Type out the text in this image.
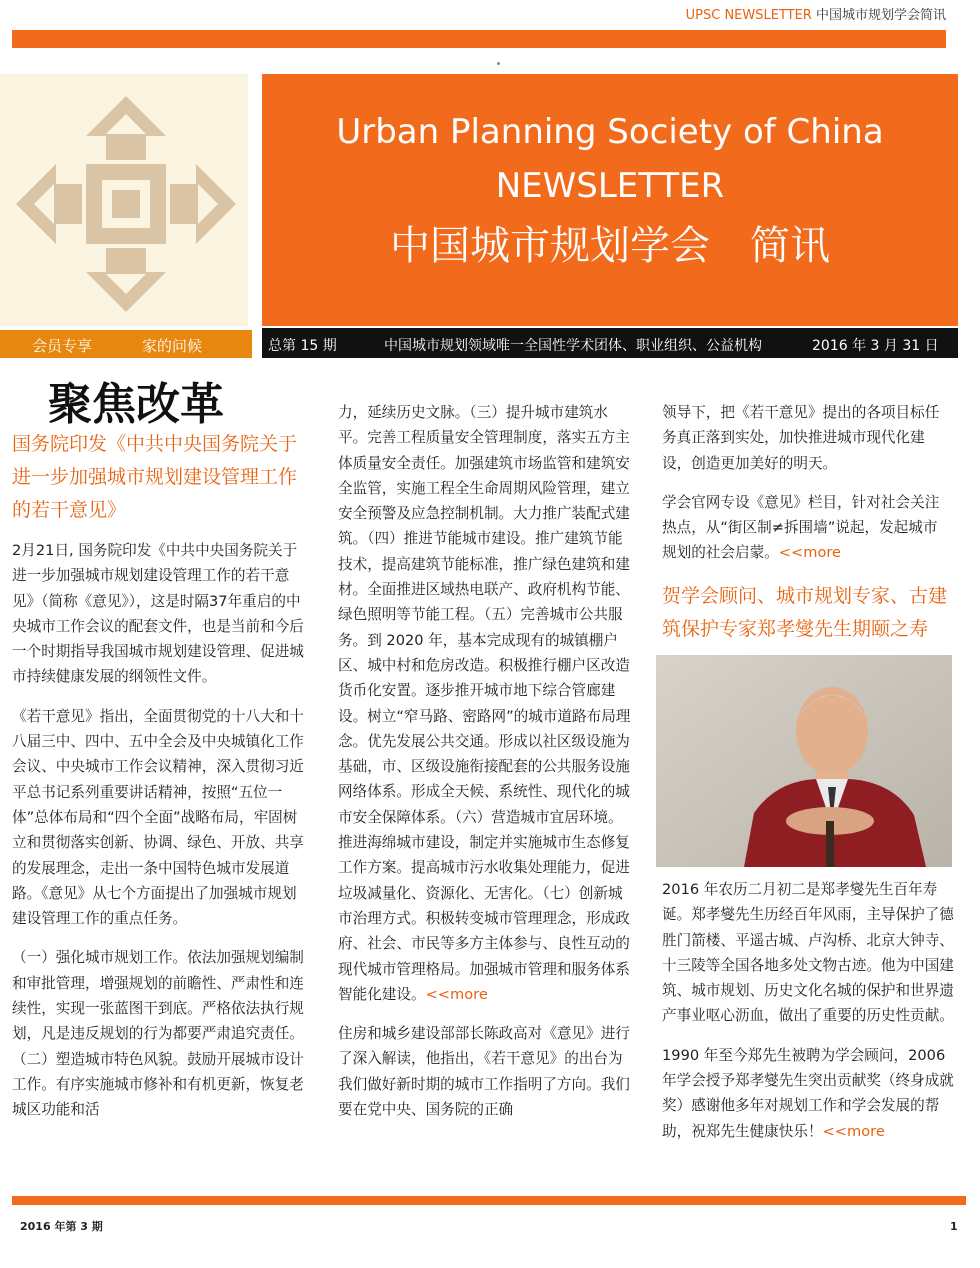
UPSC NEWSLETTER 中国城市规划学会简讯
Urban Planning Society of China
NEWSLETTER
中国城市规划学会　简讯
会员专享	家的问候	总第 15 期	中国城市规划领域唯一全国性学术团体、职业组织、公益机构	2016 年 3 月 31 日
聚焦改革
国务院印发《中共中央国务院关于
进一步加强城市规划建设管理工作
的若干意见》

2月21日, 国务院印发《中共中央国务院关于进一步加强城市规划建设管理工作的若干意见》（简称《意见》），这是时隔37年重启的中央城市工作会议的配套文件，也是当前和今后一个时期指导我国城市规划建设管理、促进城市持续健康发展的纲领性文件。

《若干意见》指出，全面贯彻党的十八大和十八届三中、四中、五中全会及中央城镇化工作会议、中央城市工作会议精神，深入贯彻习近平总书记系列重要讲话精神，按照“五位一体”总体布局和“四个全面”战略布局，牢固树立和贯彻落实创新、协调、绿色、开放、共享的发展理念，走出一条中国特色城市发展道路。《意见》从七个方面提出了加强城市规划建设管理工作的重点任务。

（一）强化城市规划工作。依法加强规划编制和审批管理，增强规划的前瞻性、严肃性和连续性，实现一张蓝图干到底。严格依法执行规划，凡是违反规划的行为都要严肃追究责任。（二）塑造城市特色风貌。鼓励开展城市设计工作。有序实施城市修补和有机更新，恢复老城区功能和活

力，延续历史文脉。（三）提升城市建筑水平。完善工程质量安全管理制度，落实五方主体质量安全责任。加强建筑市场监管和建筑安全监管，实施工程全生命周期风险管理，建立安全预警及应急控制机制。大力推广装配式建筑。（四）推进节能城市建设。推广建筑节能技术，提高建筑节能标准，推广绿色建筑和建材。全面推进区域热电联产、政府机构节能、绿色照明等节能工程。（五）完善城市公共服务。到 2020 年，基本完成现有的城镇棚户区、城中村和危房改造。积极推行棚户区改造货币化安置。逐步推开城市地下综合管廊建设。树立“窄马路、密路网”的城市道路布局理念。优先发展公共交通。形成以社区级设施为基础，市、区级设施衔接配套的公共服务设施网络体系。形成全天候、系统性、现代化的城市安全保障体系。（六）营造城市宜居环境。推进海绵城市建设，制定并实施城市生态修复工作方案。提高城市污水收集处理能力，促进垃圾减量化、资源化、无害化。（七）创新城市治理方式。积极转变城市管理理念，形成政府、社会、市民等多方主体参与、良性互动的现代城市管理格局。加强城市管理和服务体系智能化建设。<<more

住房和城乡建设部部长陈政高对《意见》进行了深入解读，他指出，《若干意见》的出台为我们做好新时期的城市工作指明了方向。我们要在党中央、国务院的正确

领导下，把《若干意见》提出的各项目标任务真正落到实处，加快推进城市现代化建设，创造更加美好的明天。

学会官网专设《意见》栏目，针对社会关注热点，从“街区制≠拆围墙”说起，发起城市规划的社会启蒙。<<more

贺学会顾问、城市规划专家、古建
筑保护专家郑孝燮先生期颐之寿

2016 年农历二月初二是郑孝燮先生百年寿诞。郑孝燮先生历经百年风雨，主导保护了德胜门箭楼、平遥古城、卢沟桥、北京大钟寺、十三陵等全国各地多处文物古迹。他为中国建筑、城市规划、历史文化名城的保护和世界遗产事业呕心沥血，做出了重要的历史性贡献。

1990 年至今郑先生被聘为学会顾问，2006 年学会授予郑孝燮先生突出贡献奖（终身成就奖）感谢他多年对规划工作和学会发展的帮助，祝郑先生健康快乐！<<more

2016 年第 3 期	1
